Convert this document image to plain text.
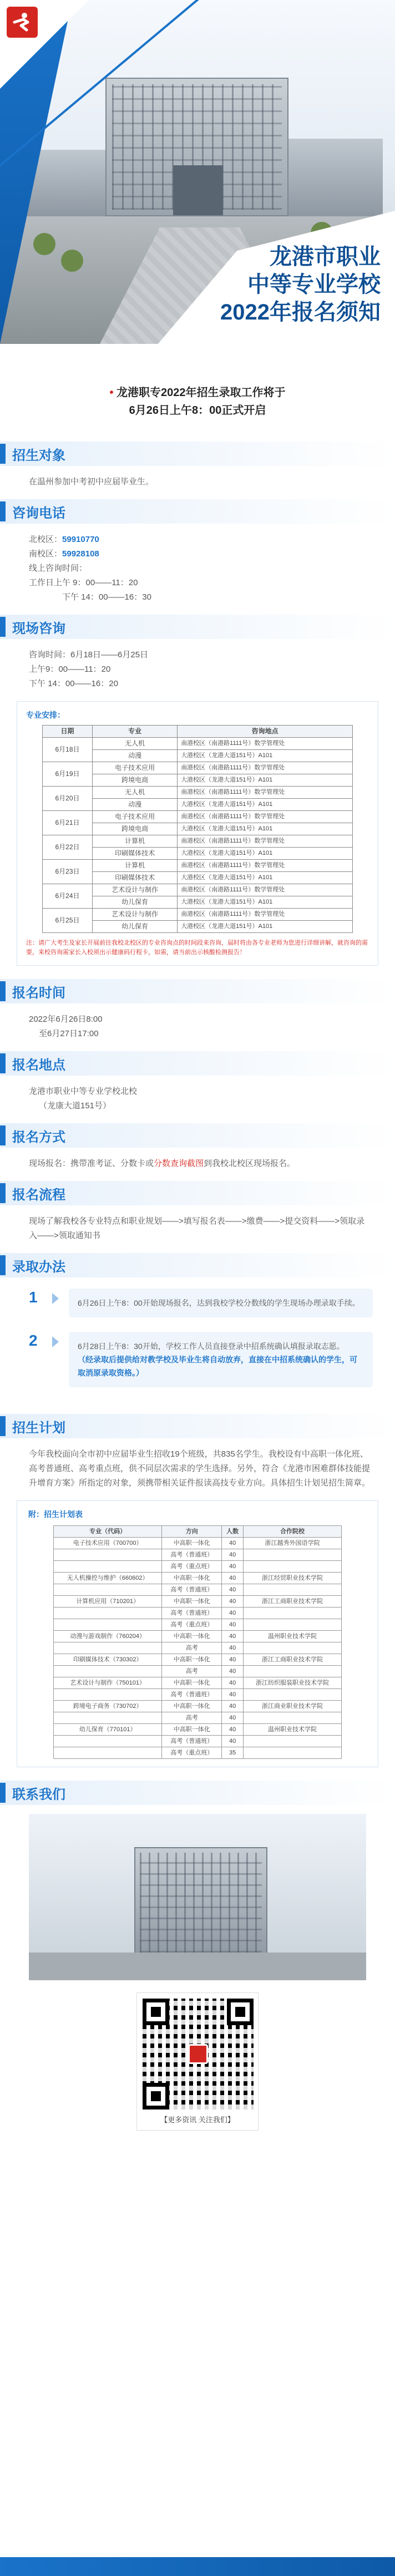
龙港市职业
中等专业学校
2022年报名须知
• 龙港职专2022年招生录取工作将于
6月26日上午8：00正式开启
招生对象
在温州参加中考初中应届毕业生。
咨询电话
北校区：59910770
南校区：59928108
线上咨询时间：
工作日上午 9：00——11：20
下午 14：00——16：30
现场咨询
咨询时间：6月18日——6月25日
上午9：00——11：20
下午 14：00——16：20
专业安排：
日期	专业	咨询地点
6月18日	无人机	南港校区（南港路1111号）数学管理处
	动漫	大港校区（龙港大道151号）A101
6月19日	电子技术应用	南港校区（南港路1111号）数学管理处
	跨境电商	大港校区（龙港大道151号）A101
6月20日	无人机	南港校区（南港路1111号）数学管理处
	动漫	大港校区（龙港大道151号）A101
6月21日	电子技术应用	南港校区（南港路1111号）数学管理处
	跨境电商	大港校区（龙港大道151号）A101
6月22日	计算机	南港校区（南港路1111号）数学管理处
	印刷媒体技术	大港校区（龙港大道151号）A101
6月23日	计算机	南港校区（南港路1111号）数学管理处
	印刷媒体技术	大港校区（龙港大道151号）A101
6月24日	艺术设计与制作	南港校区（南港路1111号）数学管理处
	幼儿保育	大港校区（龙港大道151号）A101
6月25日	艺术设计与制作	南港校区（南港路1111号）数学管理处
	幼儿保育	大港校区（龙港大道151号）A101
注：请广大考生及家长开展前往我校北校区的专业咨询点的时间段来咨询，届时将由各专业老师为您进行详细讲解，就咨询的需要，来校咨询需家长入校须出示健康码行程卡，如需，请当前出示核酸检测报告！
报名时间
2022年6月26日8:00
至6月27日17:00
报名地点
龙港市职业中等专业学校北校
（龙康大道151号）
报名方式
现场报名：携带准考证、分数卡或分数查询截图到我校北校区现场报名。
报名流程
现场了解我校各专业特点和职业规划——>填写报名表——>缴费——>提交资料——>领取录入——>领取通知书
录取办法
1	6月26日上午8：00开始现场报名，达到我校学校分数线的学生现场办理录取手续。
2	6月28日上午8：30开始，学校工作人员直接登录中招系统确认填报录取志愿。
（经录取后提供给对教学校及毕业生将自动放弃，直接在中招系统确认的学生，可取消原录取资格。）
招生计划
今年我校面向全市初中应届毕业生招收19个班级，共835名学生。我校设有中高职一体化班、高考普通班、高考重点班，供不同层次需求的学生选择。另外，符合《龙港市困难群体技能提升增育方案》所指定的对象，须携带相关证件报读高技专业方向。具体招生计划见招生简章。
附：招生计划表
专业（代码）	方向	人数	合作院校
电子技术应用（700700）	中高职一体化	40	浙江越秀外国语学院
	高考（普通班）	40	
	高考（重点班）	40	
无人机操控与维护（660602）	中高职一体化	40	浙江经贸职业技术学院
	高考（普通班）	40	
计算机应用（710201）	中高职一体化	40	浙江工商职业技术学院
	高考（普通班）	40	
	高考（重点班）	40	
动漫与游戏制作（760204）	中高职一体化	40	温州职业技术学院
	高考	40	
印刷媒体技术（730302）	中高职一体化	40	浙江工商职业技术学院
	高考	40	
艺术设计与制作（750101）	中高职一体化	40	浙江纺织服装职业技术学院
	高考（普通班）	40	
跨境电子商务（730702）	中高职一体化	40	浙江商业职业技术学院
	高考	40	
幼儿保育（770101）	中高职一体化	40	温州职业技术学院
	高考（普通班）	40	
	高考（重点班）	35	
联系我们
【更多资讯 关注我们】
